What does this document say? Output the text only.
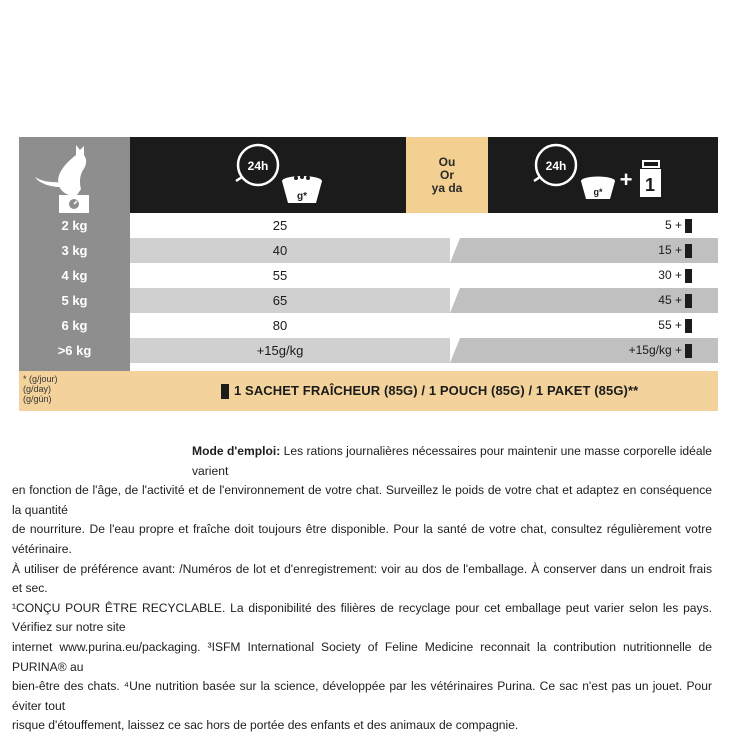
24h
g*
Ou
Or
ya da
24h
g* + 1
2 kg	25	5 +
3 kg	40	15 +
4 kg	55	30 +
5 kg	65	45 +
6 kg	80	55 +
>6 kg	+15g/kg	+15g/kg +
* (g/jour)
(g/day)
(g/gün)
1 SACHET FRAÎCHEUR (85G) / 1 POUCH (85G) / 1 PAKET (85G)**
Mode d'emploi: Les rations journalières nécessaires pour maintenir une masse corporelle idéale varient
en fonction de l'âge, de l'activité et de l'environnement de votre chat. Surveillez le poids de votre chat et adaptez en conséquence la quantité
de nourriture. De l'eau propre et fraîche doit toujours être disponible. Pour la santé de votre chat, consultez régulièrement votre vétérinaire.
À utiliser de préférence avant: /Numéros de lot et d'enregistrement: voir au dos de l'emballage. À conserver dans un endroit frais et sec.
¹CONÇU POUR ÊTRE RECYCLABLE. La disponibilité des filières de recyclage pour cet emballage peut varier selon les pays. Vérifiez sur notre site
internet www.purina.eu/packaging. ³ISFM International Society of Feline Medicine reconnait la contribution nutritionnelle de PURINA® au
bien-être des chats. ⁴Une nutrition basée sur la science, développée par les vétérinaires Purina. Ce sac n'est pas un jouet. Pour éviter tout
risque d'étouffement, laissez ce sac hors de portée des enfants et des animaux de compagnie.
